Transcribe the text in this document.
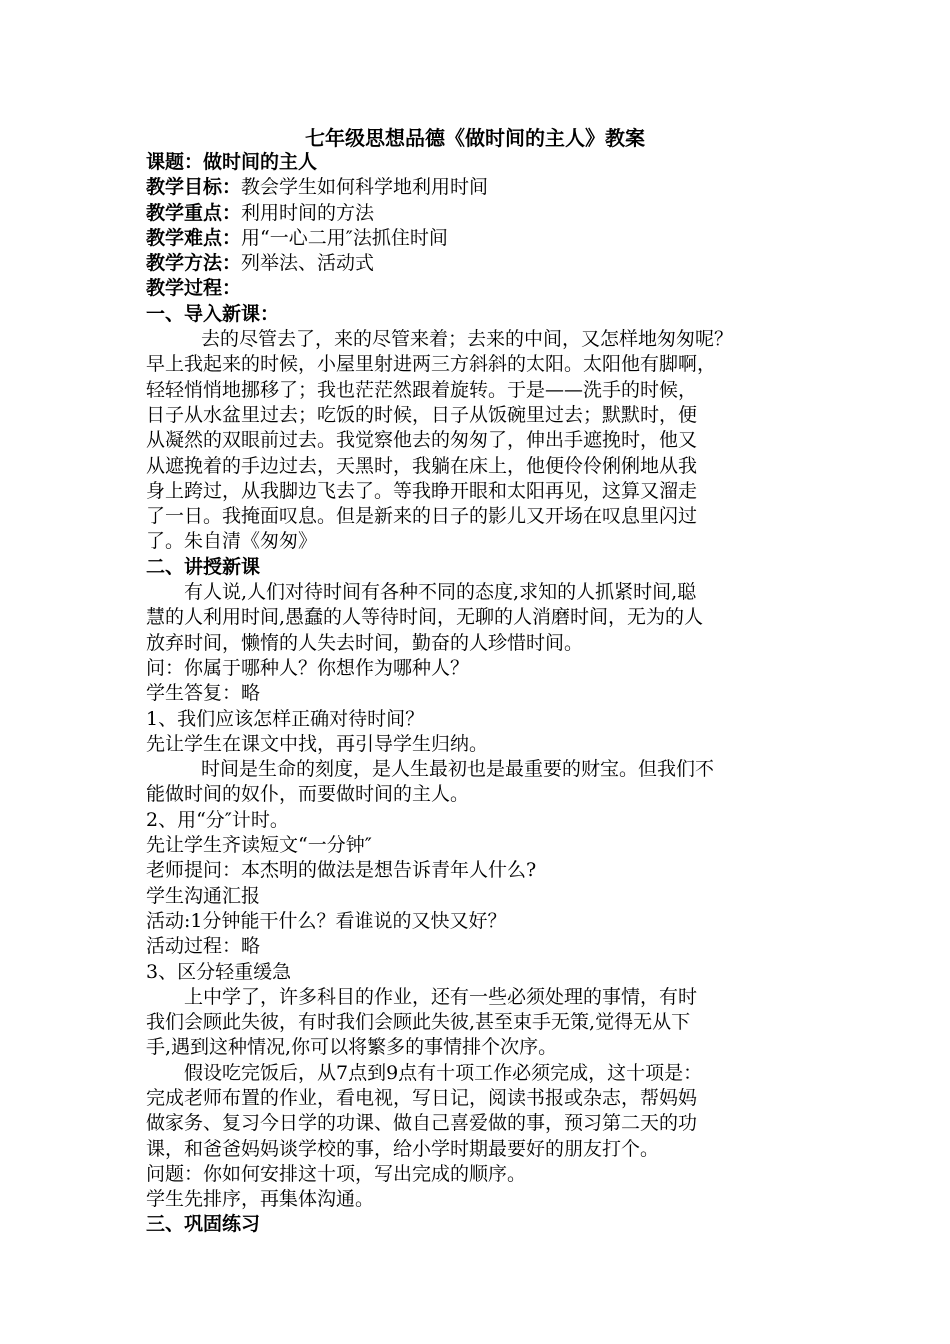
七年级思想品德《做时间的主人》教案
课题：做时间的主人
教学目标：教会学生如何科学地利用时间
教学重点：利用时间的方法
教学难点：用“一心二用″法抓住时间
教学方法：列举法、活动式
教学过程：
一、导入新课：
去的尽管去了，来的尽管来着；去来的中间，又怎样地匆匆呢？
早上我起来的时候，小屋里射进两三方斜斜的太阳。太阳他有脚啊，
轻轻悄悄地挪移了；我也茫茫然跟着旋转。于是——洗手的时候，
日子从水盆里过去；吃饭的时候，日子从饭碗里过去；默默时，便
从凝然的双眼前过去。我觉察他去的匆匆了，伸出手遮挽时，他又
从遮挽着的手边过去，天黑时，我躺在床上，他便伶伶俐俐地从我
身上跨过，从我脚边飞去了。等我睁开眼和太阳再见，这算又溜走
了一日。我掩面叹息。但是新来的日子的影儿又开场在叹息里闪过
了。朱自清《匆匆》
二、讲授新课
有人说,人们对待时间有各种不同的态度,求知的人抓紧时间,聪
慧的人利用时间,愚蠢的人等待时间，无聊的人消磨时间，无为的人
放弃时间，懒惰的人失去时间，勤奋的人珍惜时间。
问：你属于哪种人？你想作为哪种人？
学生答复：略
1、我们应该怎样正确对待时间？
先让学生在课文中找，再引导学生归纳。
时间是生命的刻度，是人生最初也是最重要的财宝。但我们不
能做时间的奴仆，而要做时间的主人。
2、用“分″计时。
先让学生齐读短文“一分钟″
老师提问：本杰明的做法是想告诉青年人什么?
学生沟通汇报
活动:1分钟能干什么？看谁说的又快又好？
活动过程：略
3、区分轻重缓急
上中学了，许多科目的作业，还有一些必须处理的事情，有时
我们会顾此失彼，有时我们会顾此失彼,甚至束手无策,觉得无从下
手,遇到这种情况,你可以将繁多的事情排个次序。
假设吃完饭后，从7点到9点有十项工作必须完成，这十项是：
完成老师布置的作业，看电视，写日记，阅读书报或杂志，帮妈妈
做家务、复习今日学的功课、做自己喜爱做的事，预习第二天的功
课，和爸爸妈妈谈学校的事，给小学时期最要好的朋友打个。
问题：你如何安排这十项，写出完成的顺序。
学生先排序，再集体沟通。
三、巩固练习
